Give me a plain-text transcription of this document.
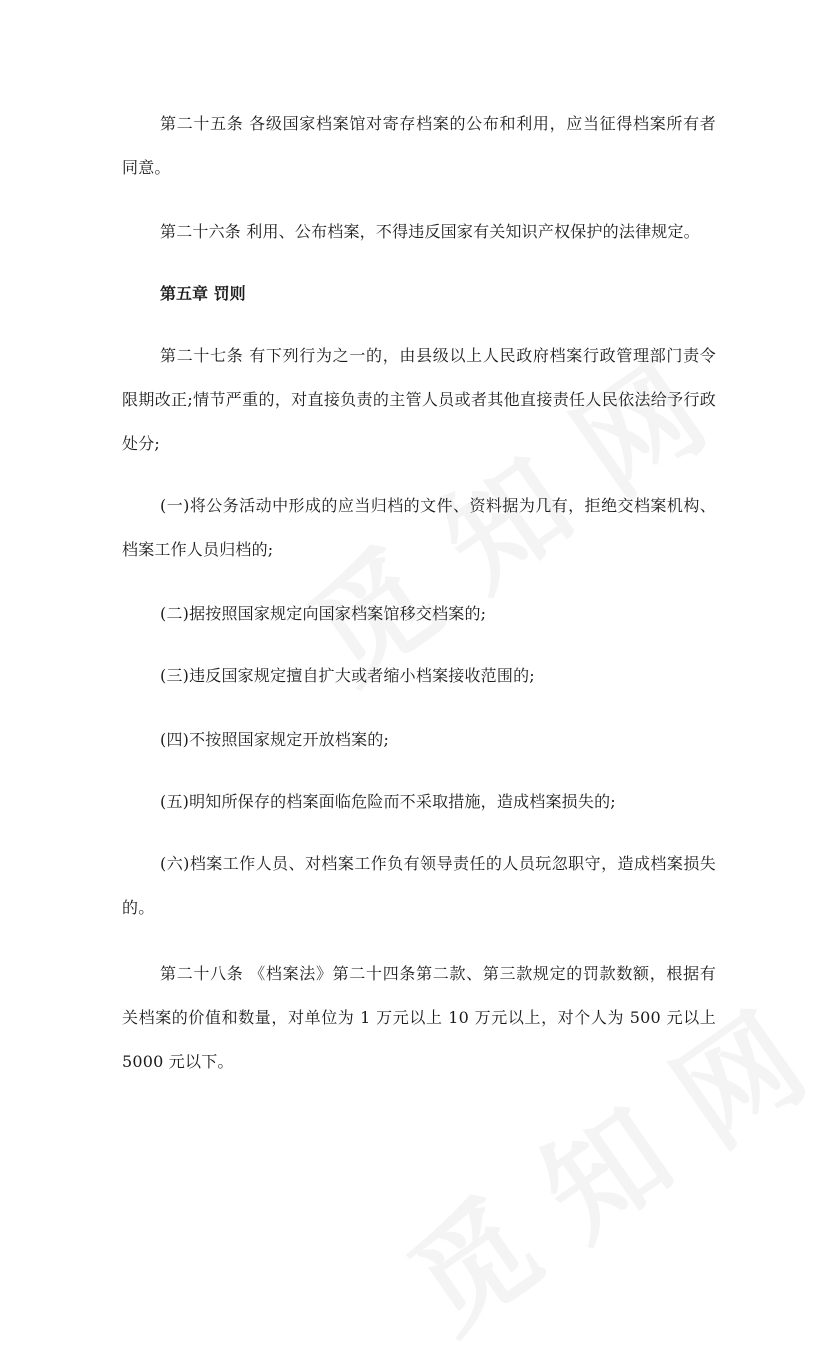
第二十五条 各级国家档案馆对寄存档案的公布和利用，应当征得档案所有者同意。

第二十六条 利用、公布档案，不得违反国家有关知识产权保护的法律规定。

第五章 罚则

第二十七条 有下列行为之一的，由县级以上人民政府档案行政管理部门责令限期改正;情节严重的，对直接负责的主管人员或者其他直接责任人民依法给予行政处分;

(一)将公务活动中形成的应当归档的文件、资料据为几有，拒绝交档案机构、档案工作人员归档的;

(二)据按照国家规定向国家档案馆移交档案的;

(三)违反国家规定擅自扩大或者缩小档案接收范围的;

(四)不按照国家规定开放档案的;

(五)明知所保存的档案面临危险而不采取措施，造成档案损失的;

(六)档案工作人员、对档案工作负有领导责任的人员玩忽职守，造成档案损失的。

第二十八条 《档案法》第二十四条第二款、第三款规定的罚款数额，根据有关档案的价值和数量，对单位为 1 万元以上 10 万元以上，对个人为 500 元以上 5000 元以下。
